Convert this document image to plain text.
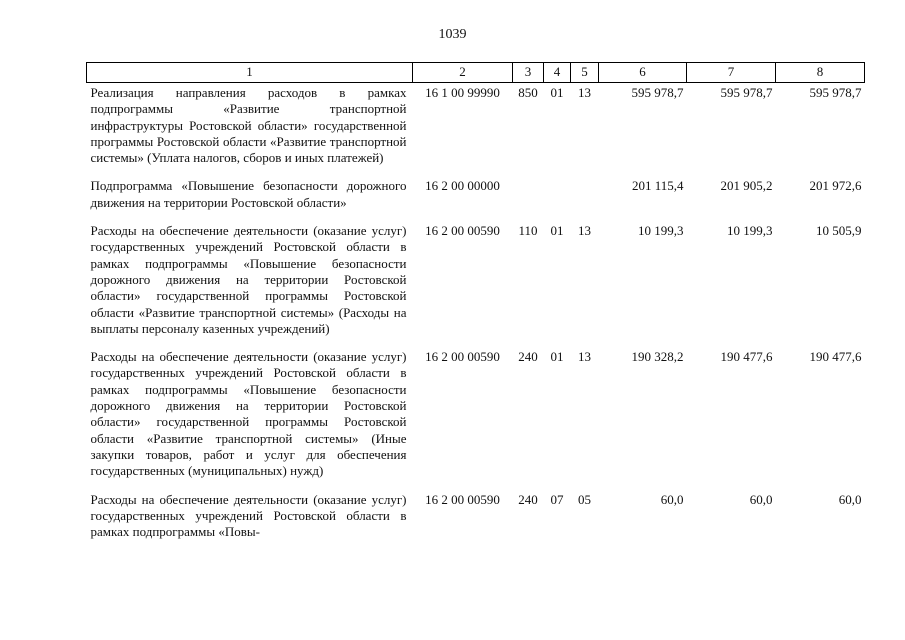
1039
1	2	3	4	5	6	7	8
Реализация направления расходов в рамках подпрограммы «Развитие транспортной инфраструктуры Ростовской области» государственной программы Ростовской области «Развитие транспортной системы» (Уплата налогов, сборов и иных платежей)	16 1 00 99990	850	01	13	595 978,7	595 978,7	595 978,7
Подпрограмма «Повышение безопасности дорожного движения на территории Ростовской области»	16 2 00 00000				201 115,4	201 905,2	201 972,6
Расходы на обеспечение деятельности (оказание услуг) государственных учреждений Ростовской области в рамках подпрограммы «Повышение безопасности дорожного движения на территории Ростовской области» государственной программы Ростовской области «Развитие транспортной системы» (Расходы на выплаты персоналу казенных учреждений)	16 2 00 00590	110	01	13	10 199,3	10 199,3	10 505,9
Расходы на обеспечение деятельности (оказание услуг) государственных учреждений Ростовской области в рамках подпрограммы «Повышение безопасности дорожного движения на территории Ростовской области» государственной программы Ростовской области «Развитие транспортной системы» (Иные закупки товаров, работ и услуг для обеспечения государственных (муниципальных) нужд)	16 2 00 00590	240	01	13	190 328,2	190 477,6	190 477,6
Расходы на обеспечение деятельности (оказание услуг) государственных учреждений Ростовской области в рамках подпрограммы «Повы-	16 2 00 00590	240	07	05	60,0	60,0	60,0
